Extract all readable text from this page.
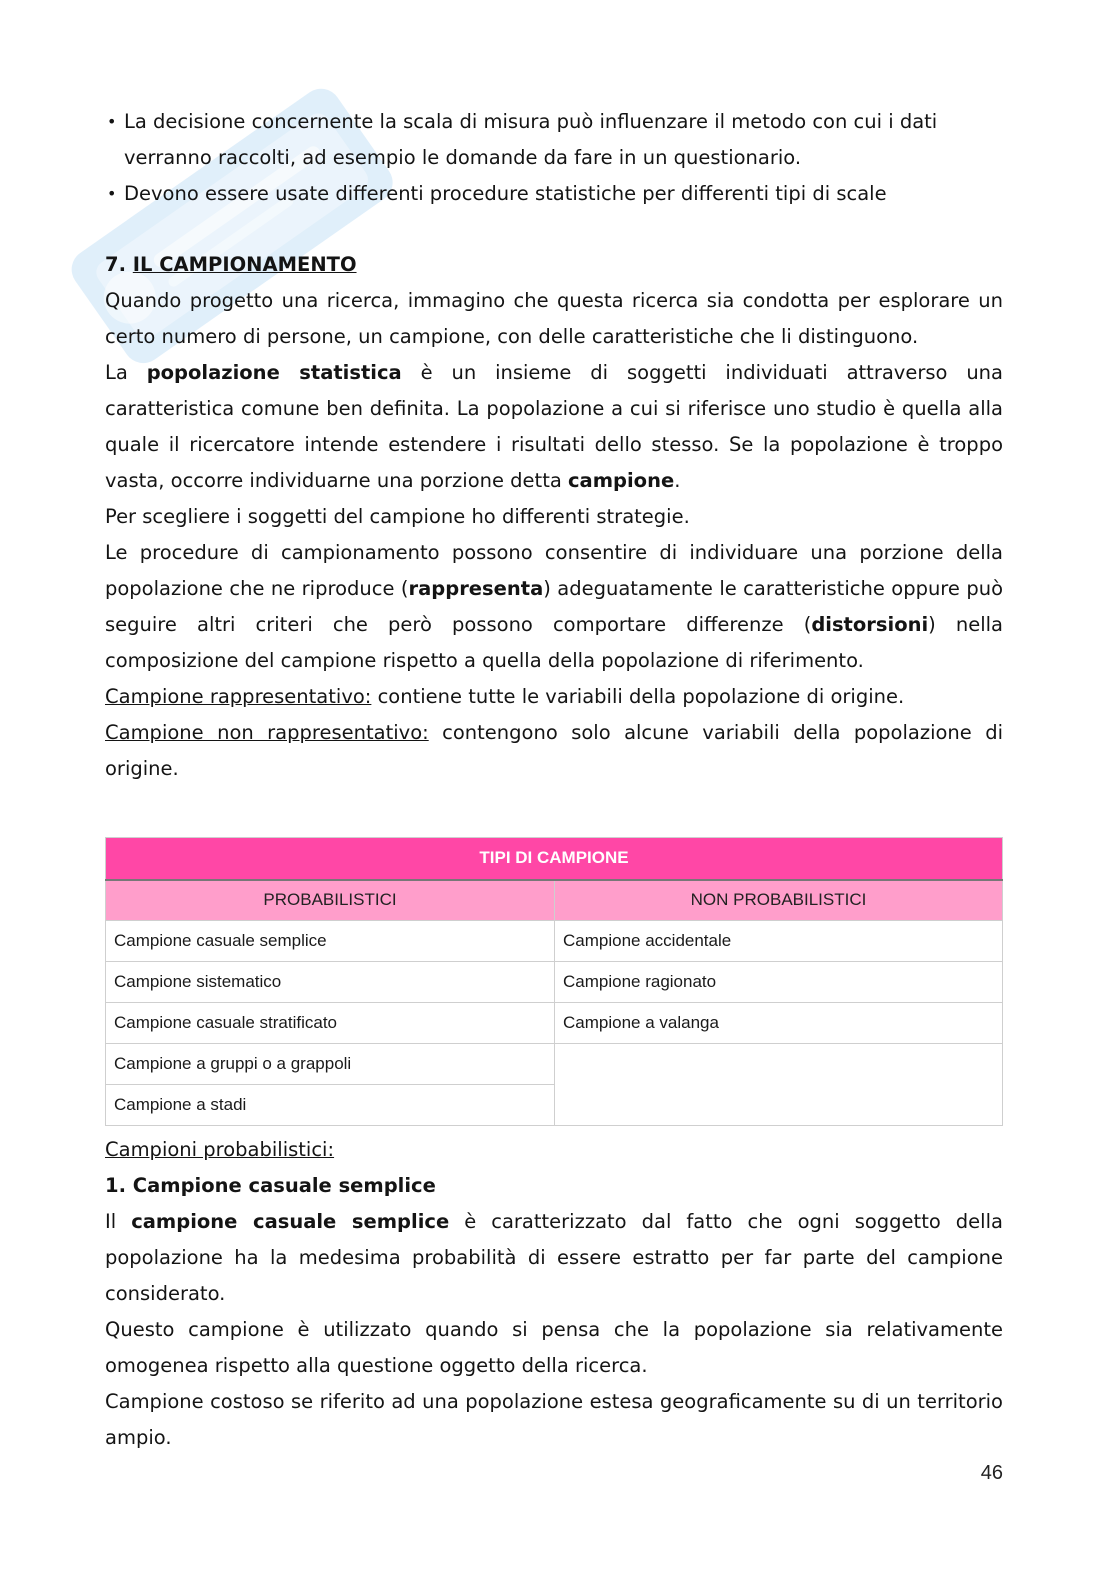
• La decisione concernente la scala di misura può influenzare il metodo con cui i dati verranno raccolti, ad esempio le domande da fare in un questionario.
• Devono essere usate differenti procedure statistiche per differenti tipi di scale

7. IL CAMPIONAMENTO

Quando progetto una ricerca, immagino che questa ricerca sia condotta per esplorare un certo numero di persone, un campione, con delle caratteristiche che li distinguono.

La popolazione statistica è un insieme di soggetti individuati attraverso una caratteristica comune ben definita. La popolazione a cui si riferisce uno studio è quella alla quale il ricercatore intende estendere i risultati dello stesso. Se la popolazione è troppo vasta, occorre individuarne una porzione detta campione.

Per scegliere i soggetti del campione ho differenti strategie.

Le procedure di campionamento possono consentire di individuare una porzione della popolazione che ne riproduce (rappresenta) adeguatamente le caratteristiche oppure può seguire altri criteri che però possono comportare differenze (distorsioni) nella composizione del campione rispetto a quella della popolazione di riferimento.

Campione rappresentativo: contiene tutte le variabili della popolazione di origine.

Campione non rappresentativo: contengono solo alcune variabili della popolazione di origine.

TIPI DI CAMPIONE	
PROBABILISTICI	NON PROBABILISTICI
Campione casuale semplice	Campione accidentale
Campione sistematico	Campione ragionato
Campione casuale stratificato	Campione a valanga
Campione a gruppi o a grappoli	
Campione a stadi	

Campioni probabilistici:

1. Campione casuale semplice

Il campione casuale semplice è caratterizzato dal fatto che ogni soggetto della popolazione ha la medesima probabilità di essere estratto per far parte del campione considerato.

Questo campione è utilizzato quando si pensa che la popolazione sia relativamente omogenea rispetto alla questione oggetto della ricerca.

Campione costoso se riferito ad una popolazione estesa geograficamente su di un territorio ampio.

46
